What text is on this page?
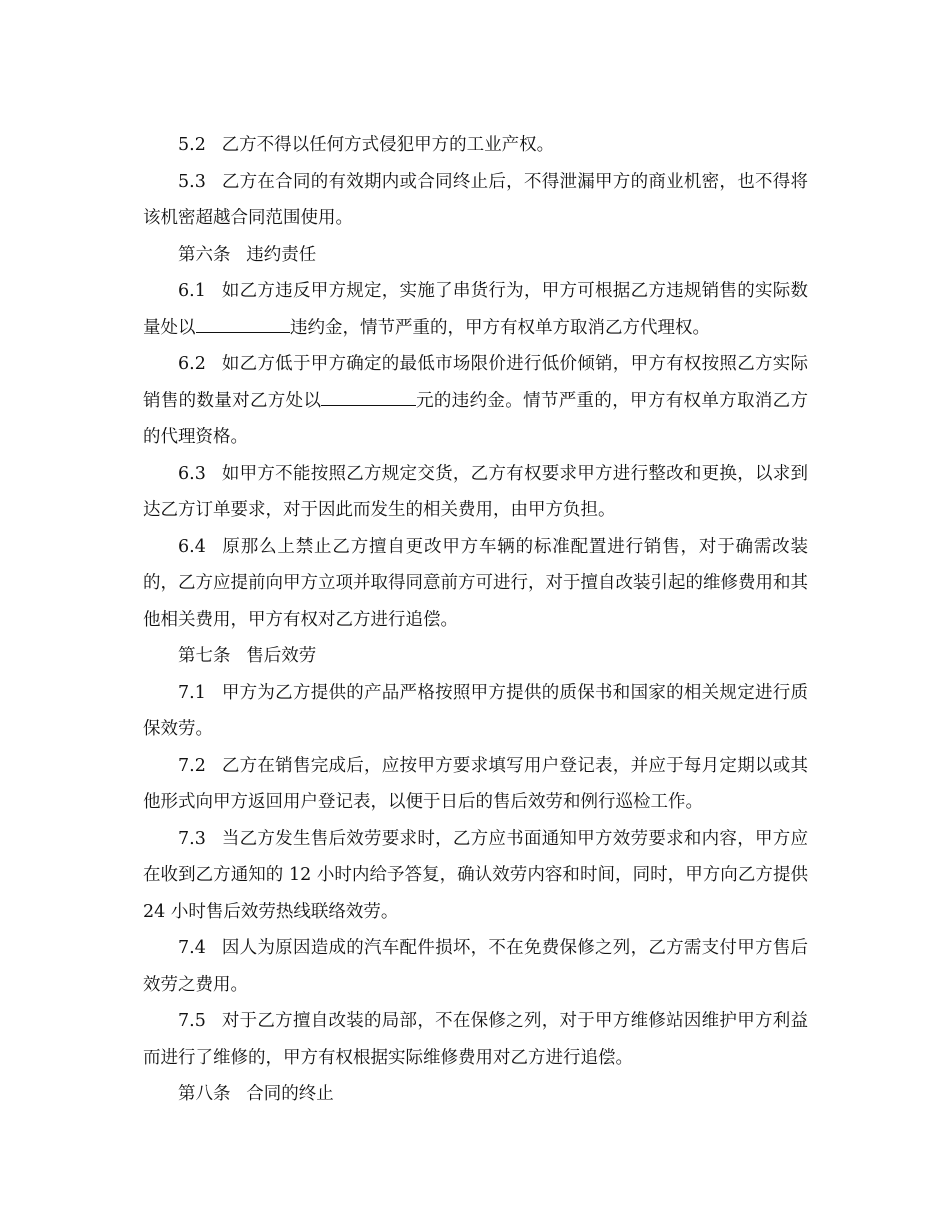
5.2 乙方不得以任何方式侵犯甲方的工业产权。

5.3 乙方在合同的有效期内或合同终止后，不得泄漏甲方的商业机密，也不得将该机密超越合同范围使用。

第六条 违约责任

6.1 如乙方违反甲方规定，实施了串货行为，甲方可根据乙方违规销售的实际数量处以	违约金，情节严重的，甲方有权单方取消乙方代理权。

6.2 如乙方低于甲方确定的最低市场限价进行低价倾销，甲方有权按照乙方实际销售的数量对乙方处以	元的违约金。情节严重的，甲方有权单方取消乙方的代理资格。

6.3 如甲方不能按照乙方规定交货，乙方有权要求甲方进行整改和更换，以求到达乙方订单要求，对于因此而发生的相关费用，由甲方负担。

6.4 原那么上禁止乙方擅自更改甲方车辆的标准配置进行销售，对于确需改装的，乙方应提前向甲方立项并取得同意前方可进行，对于擅自改装引起的维修费用和其他相关费用，甲方有权对乙方进行追偿。

第七条 售后效劳

7.1 甲方为乙方提供的产品严格按照甲方提供的质保书和国家的相关规定进行质保效劳。

7.2 乙方在销售完成后，应按甲方要求填写用户登记表，并应于每月定期以或其他形式向甲方返回用户登记表，以便于日后的售后效劳和例行巡检工作。

7.3 当乙方发生售后效劳要求时，乙方应书面通知甲方效劳要求和内容，甲方应在收到乙方通知的 12 小时内给予答复，确认效劳内容和时间，同时，甲方向乙方提供 24 小时售后效劳热线联络效劳。

7.4 因人为原因造成的汽车配件损坏，不在免费保修之列，乙方需支付甲方售后效劳之费用。

7.5 对于乙方擅自改装的局部，不在保修之列，对于甲方维修站因维护甲方利益而进行了维修的，甲方有权根据实际维修费用对乙方进行追偿。

第八条 合同的终止
